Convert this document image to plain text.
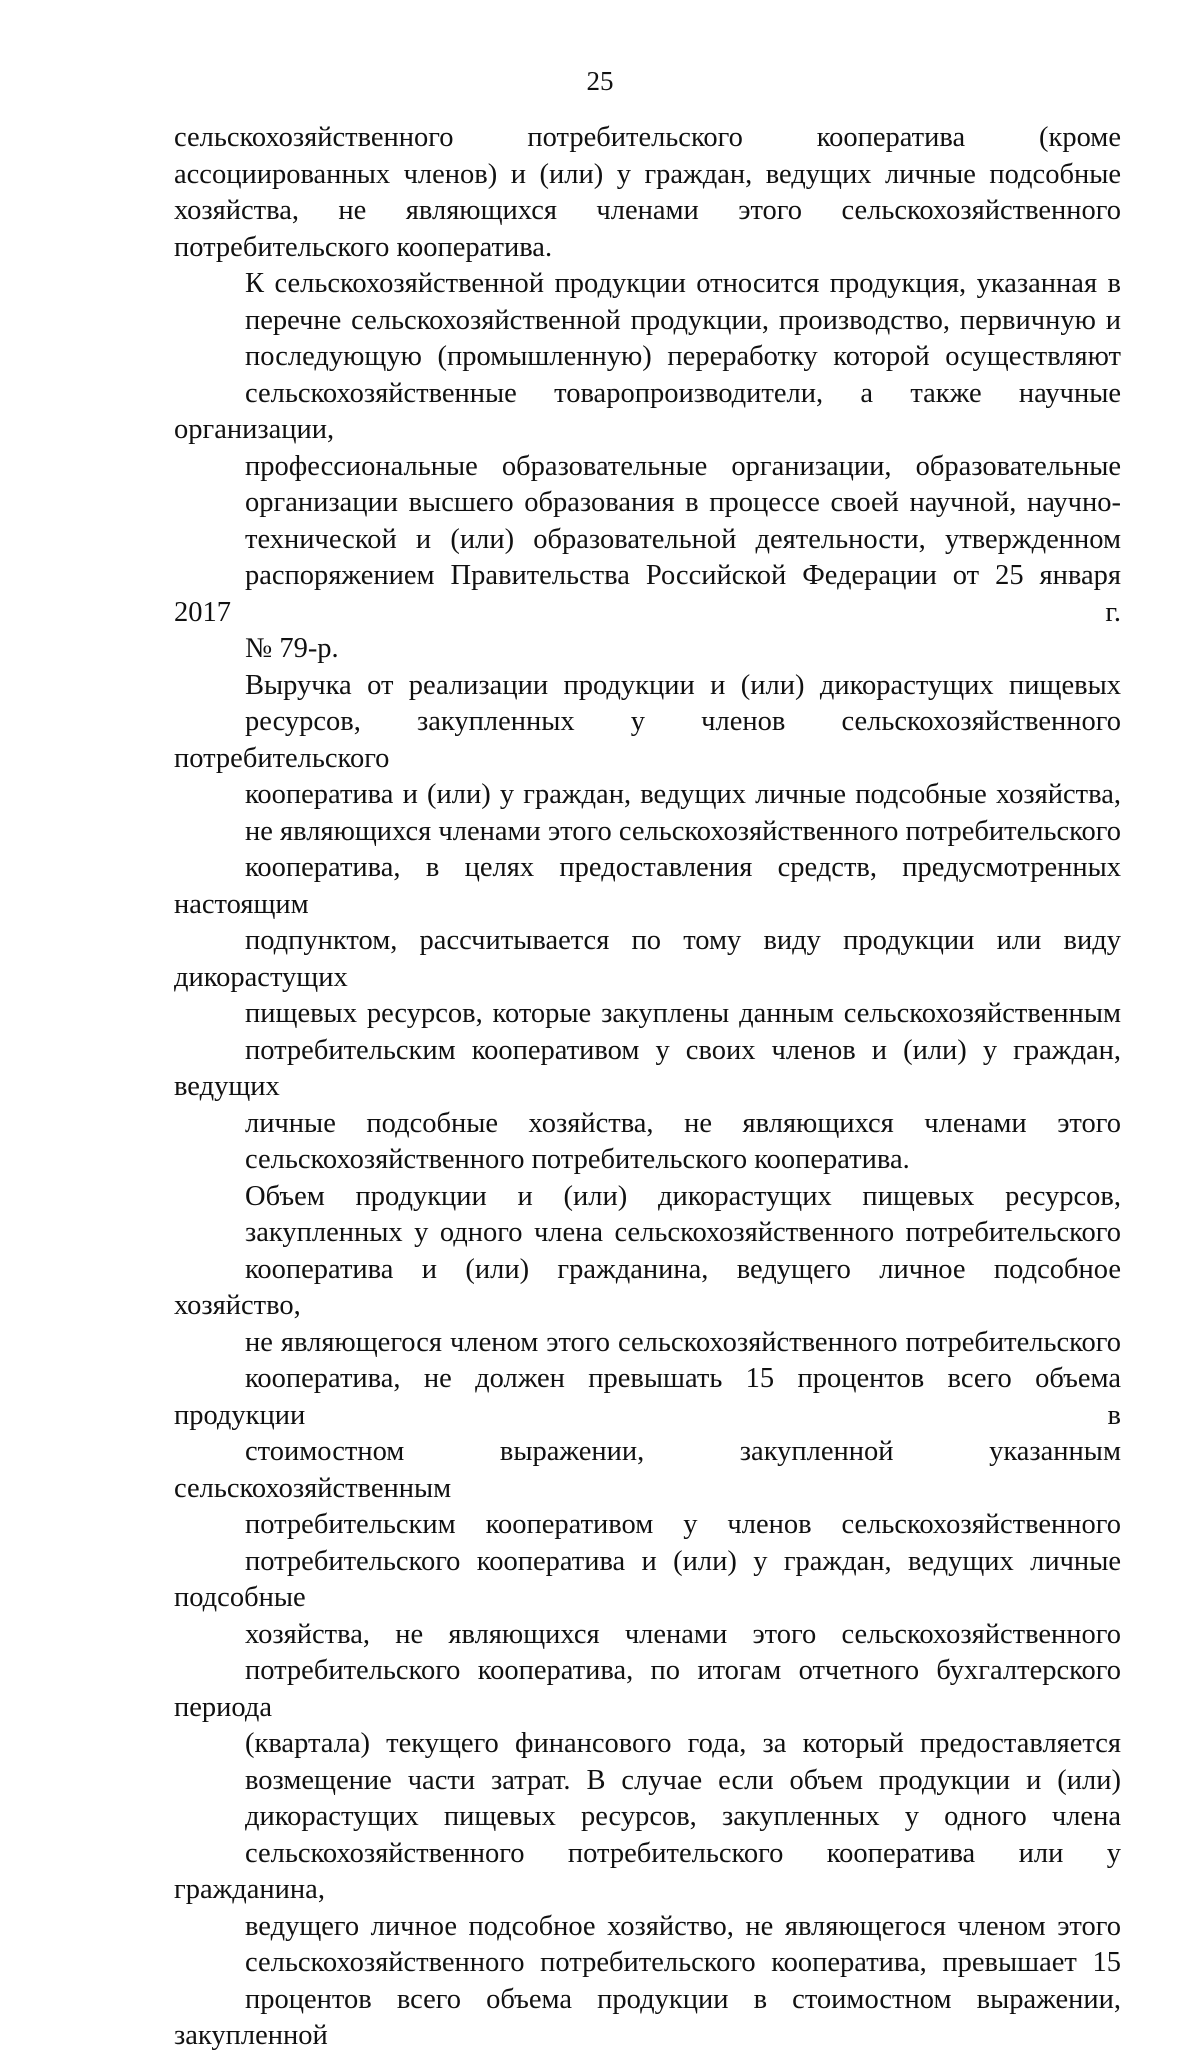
25
сельскохозяйственного потребительского кооператива (кроме
ассоциированных членов) и (или) у граждан, ведущих личные подсобные
хозяйства, не являющихся членами этого сельскохозяйственного
потребительского кооператива.
К сельскохозяйственной продукции относится продукция, указанная в
перечне сельскохозяйственной продукции, производство, первичную и
последующую (промышленную) переработку которой осуществляют
сельскохозяйственные товаропроизводители, а также научные организации,
профессиональные образовательные организации, образовательные
организации высшего образования в процессе своей научной, научно-
технической и (или) образовательной деятельности, утвержденном
распоряжением Правительства Российской Федерации от 25 января 2017 г.
№ 79-р.
Выручка от реализации продукции и (или) дикорастущих пищевых
ресурсов, закупленных у членов сельскохозяйственного потребительского
кооператива и (или) у граждан, ведущих личные подсобные хозяйства,
не являющихся членами этого сельскохозяйственного потребительского
кооператива, в целях предоставления средств, предусмотренных настоящим
подпунктом, рассчитывается по тому виду продукции или виду дикорастущих
пищевых ресурсов, которые закуплены данным сельскохозяйственным
потребительским кооперативом у своих членов и (или) у граждан, ведущих
личные подсобные хозяйства, не являющихся членами этого
сельскохозяйственного потребительского кооператива.
Объем продукции и (или) дикорастущих пищевых ресурсов,
закупленных у одного члена сельскохозяйственного потребительского
кооператива и (или) гражданина, ведущего личное подсобное хозяйство,
не являющегося членом этого сельскохозяйственного потребительского
кооператива, не должен превышать 15 процентов всего объема продукции в
стоимостном выражении, закупленной указанным сельскохозяйственным
потребительским кооперативом у членов сельскохозяйственного
потребительского кооператива и (или) у граждан, ведущих личные подсобные
хозяйства, не являющихся членами этого сельскохозяйственного
потребительского кооператива, по итогам отчетного бухгалтерского периода
(квартала) текущего финансового года, за который предоставляется
возмещение части затрат. В случае если объем продукции и (или)
дикорастущих пищевых ресурсов, закупленных у одного члена
сельскохозяйственного потребительского кооператива или у гражданина,
ведущего личное подсобное хозяйство, не являющегося членом этого
сельскохозяйственного потребительского кооператива, превышает 15
процентов всего объема продукции в стоимостном выражении, закупленной
